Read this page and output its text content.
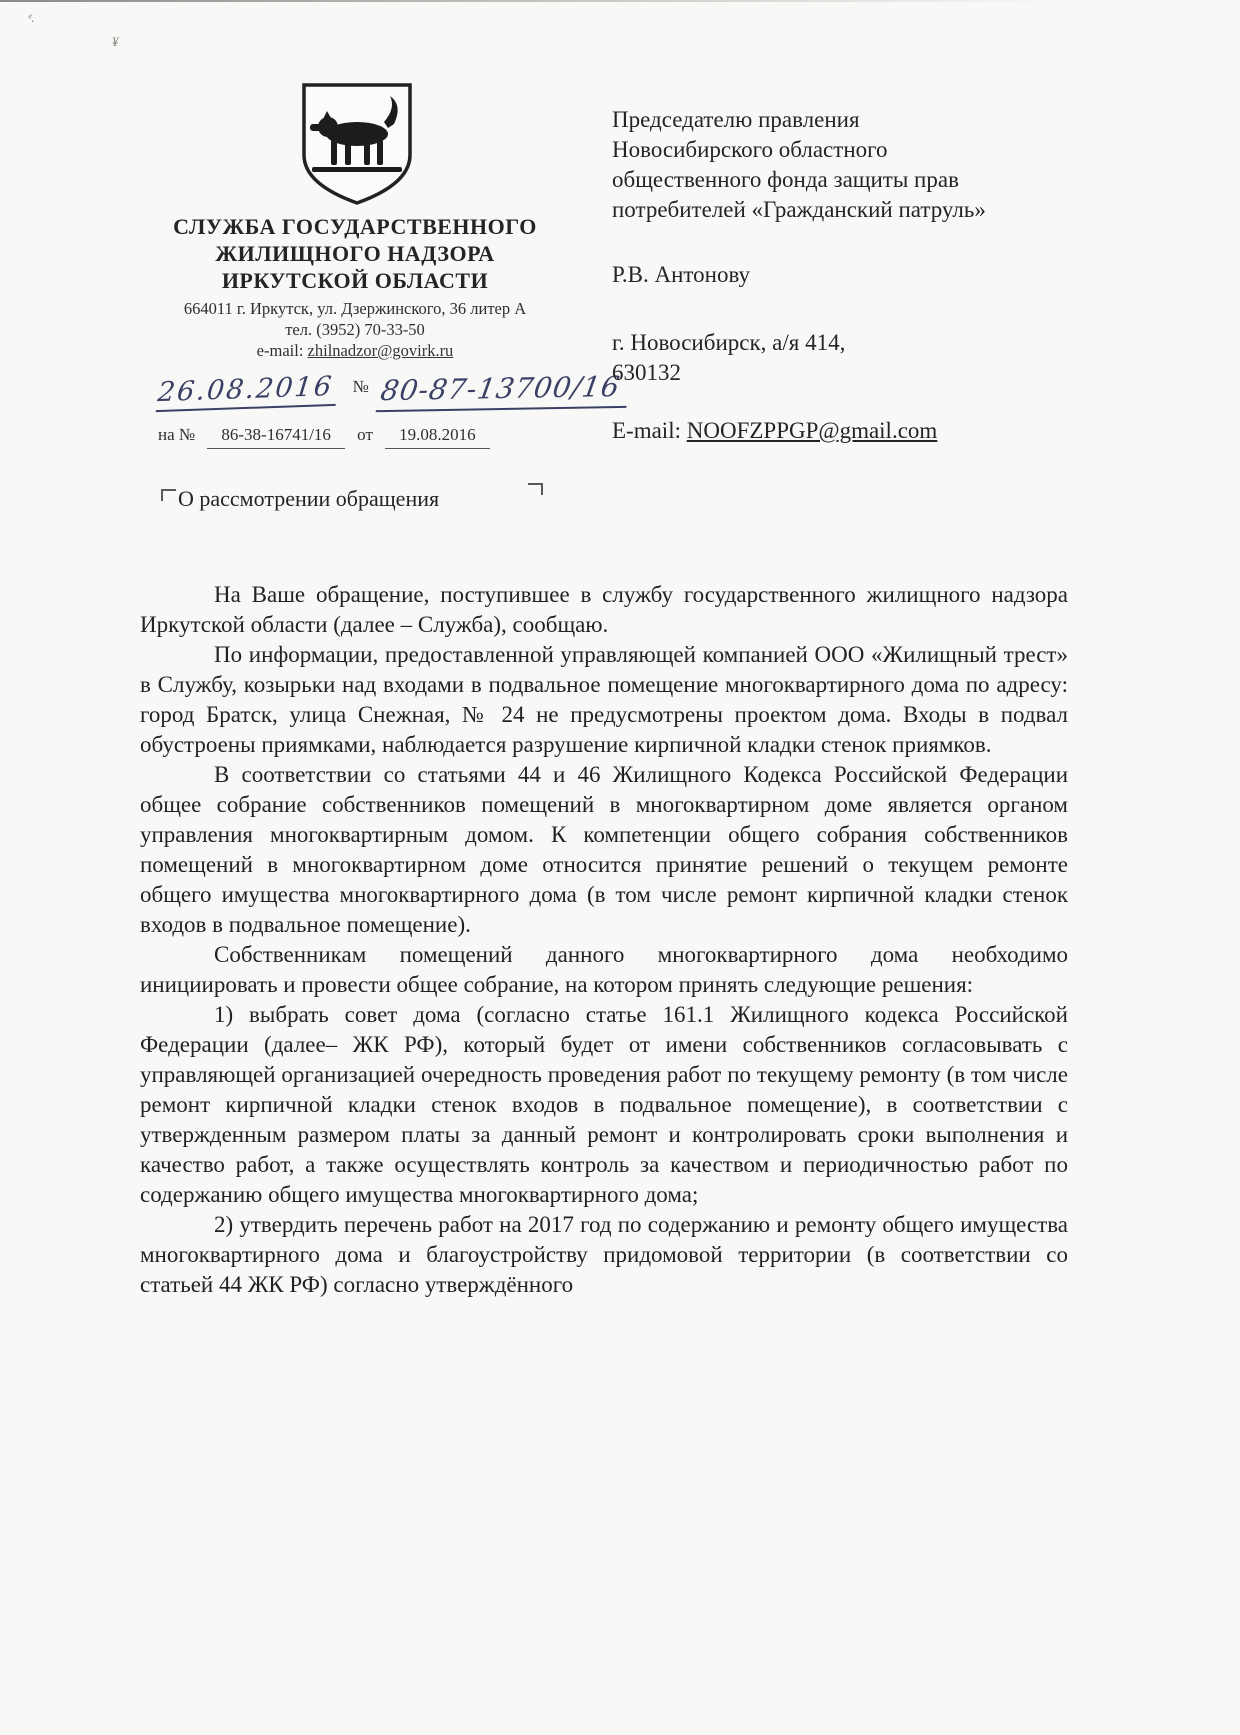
ᵉ.
¥
СЛУЖБА ГОСУДАРСТВЕННОГО
ЖИЛИЩНОГО НАДЗОРА
ИРКУТСКОЙ ОБЛАСТИ
664011 г. Иркутск, ул. Дзержинского, 36 литер А
тел. (3952) 70-33-50
e-mail: zhilnadzor@govirk.ru
26.08.2016 № 80-87-13700/16
на № 86-38-16741/16 от 19.08.2016
Председателю правления
Новосибирского областного
общественного фонда защиты прав
потребителей «Гражданский патруль»
Р.В. Антонову
г. Новосибирск, а/я 414,
630132
E-mail: NOOFZPPGP@gmail.com
О рассмотрении обращения

На Ваше обращение, поступившее в службу государственного жилищного надзора Иркутской области (далее – Служба), сообщаю.

По информации, предоставленной управляющей компанией ООО «Жилищный трест» в Службу, козырьки над входами в подвальное помещение многоквартирного дома по адресу: город Братск, улица Снежная, № 24 не предусмотрены проектом дома. Входы в подвал обустроены приямками, наблюдается разрушение кирпичной кладки стенок приямков.

В соответствии со статьями 44 и 46 Жилищного Кодекса Российской Федерации общее собрание собственников помещений в многоквартирном доме является органом управления многоквартирным домом. К компетенции общего собрания собственников помещений в многоквартирном доме относится принятие решений о текущем ремонте общего имущества многоквартирного дома (в том числе ремонт кирпичной кладки стенок входов в подвальное помещение).

Собственникам помещений данного многоквартирного дома необходимо инициировать и провести общее собрание, на котором принять следующие решения:

1) выбрать совет дома (согласно статье 161.1 Жилищного кодекса Российской Федерации (далее– ЖК РФ), который будет от имени собственников согласовывать с управляющей организацией очередность проведения работ по текущему ремонту (в том числе ремонт кирпичной кладки стенок входов в подвальное помещение), в соответствии с утвержденным размером платы за данный ремонт и контролировать сроки выполнения и качество работ, а также осуществлять контроль за качеством и периодичностью работ по содержанию общего имущества многоквартирного дома;

2) утвердить перечень работ на 2017 год по содержанию и ремонту общего имущества многоквартирного дома и благоустройству придомовой территории (в соответствии со статьей 44 ЖК РФ) согласно утверждённого
